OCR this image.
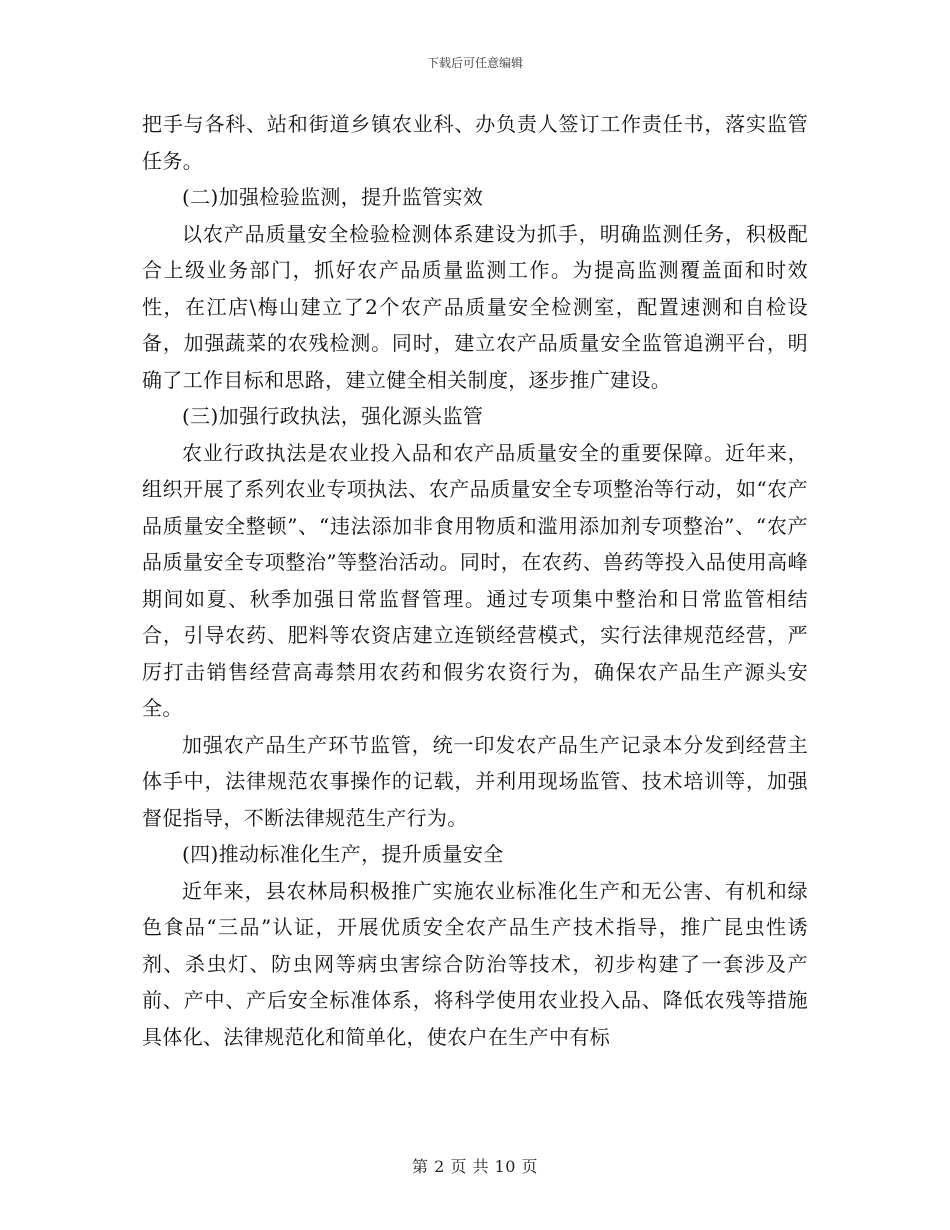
下载后可任意编辑

把手与各科、站和街道乡镇农业科、办负责人签订工作责任书，落实监管任务。

(二)加强检验监测，提升监管实效

以农产品质量安全检验检测体系建设为抓手，明确监测任务，积极配合上级业务部门，抓好农产品质量监测工作。为提高监测覆盖面和时效性，在江店\梅山建立了2个农产品质量安全检测室，配置速测和自检设备，加强蔬菜的农残检测。同时，建立农产品质量安全监管追溯平台，明确了工作目标和思路，建立健全相关制度，逐步推广建设。

(三)加强行政执法，强化源头监管

农业行政执法是农业投入品和农产品质量安全的重要保障。近年来，组织开展了系列农业专项执法、农产品质量安全专项整治等行动，如“农产品质量安全整顿”、“违法添加非食用物质和滥用添加剂专项整治”、“农产品质量安全专项整治”等整治活动。同时，在农药、兽药等投入品使用高峰期间如夏、秋季加强日常监督管理。通过专项集中整治和日常监管相结合，引导农药、肥料等农资店建立连锁经营模式，实行法律规范经营，严厉打击销售经营高毒禁用农药和假劣农资行为，确保农产品生产源头安全。

加强农产品生产环节监管，统一印发农产品生产记录本分发到经营主体手中，法律规范农事操作的记载，并利用现场监管、技术培训等，加强督促指导，不断法律规范生产行为。

(四)推动标准化生产，提升质量安全

近年来，县农林局积极推广实施农业标准化生产和无公害、有机和绿色食品“三品”认证，开展优质安全农产品生产技术指导，推广昆虫性诱剂、杀虫灯、防虫网等病虫害综合防治等技术，初步构建了一套涉及产前、产中、产后安全标准体系，将科学使用农业投入品、降低农残等措施具体化、法律规范化和简单化，使农户在生产中有标

第 2 页 共 10 页
